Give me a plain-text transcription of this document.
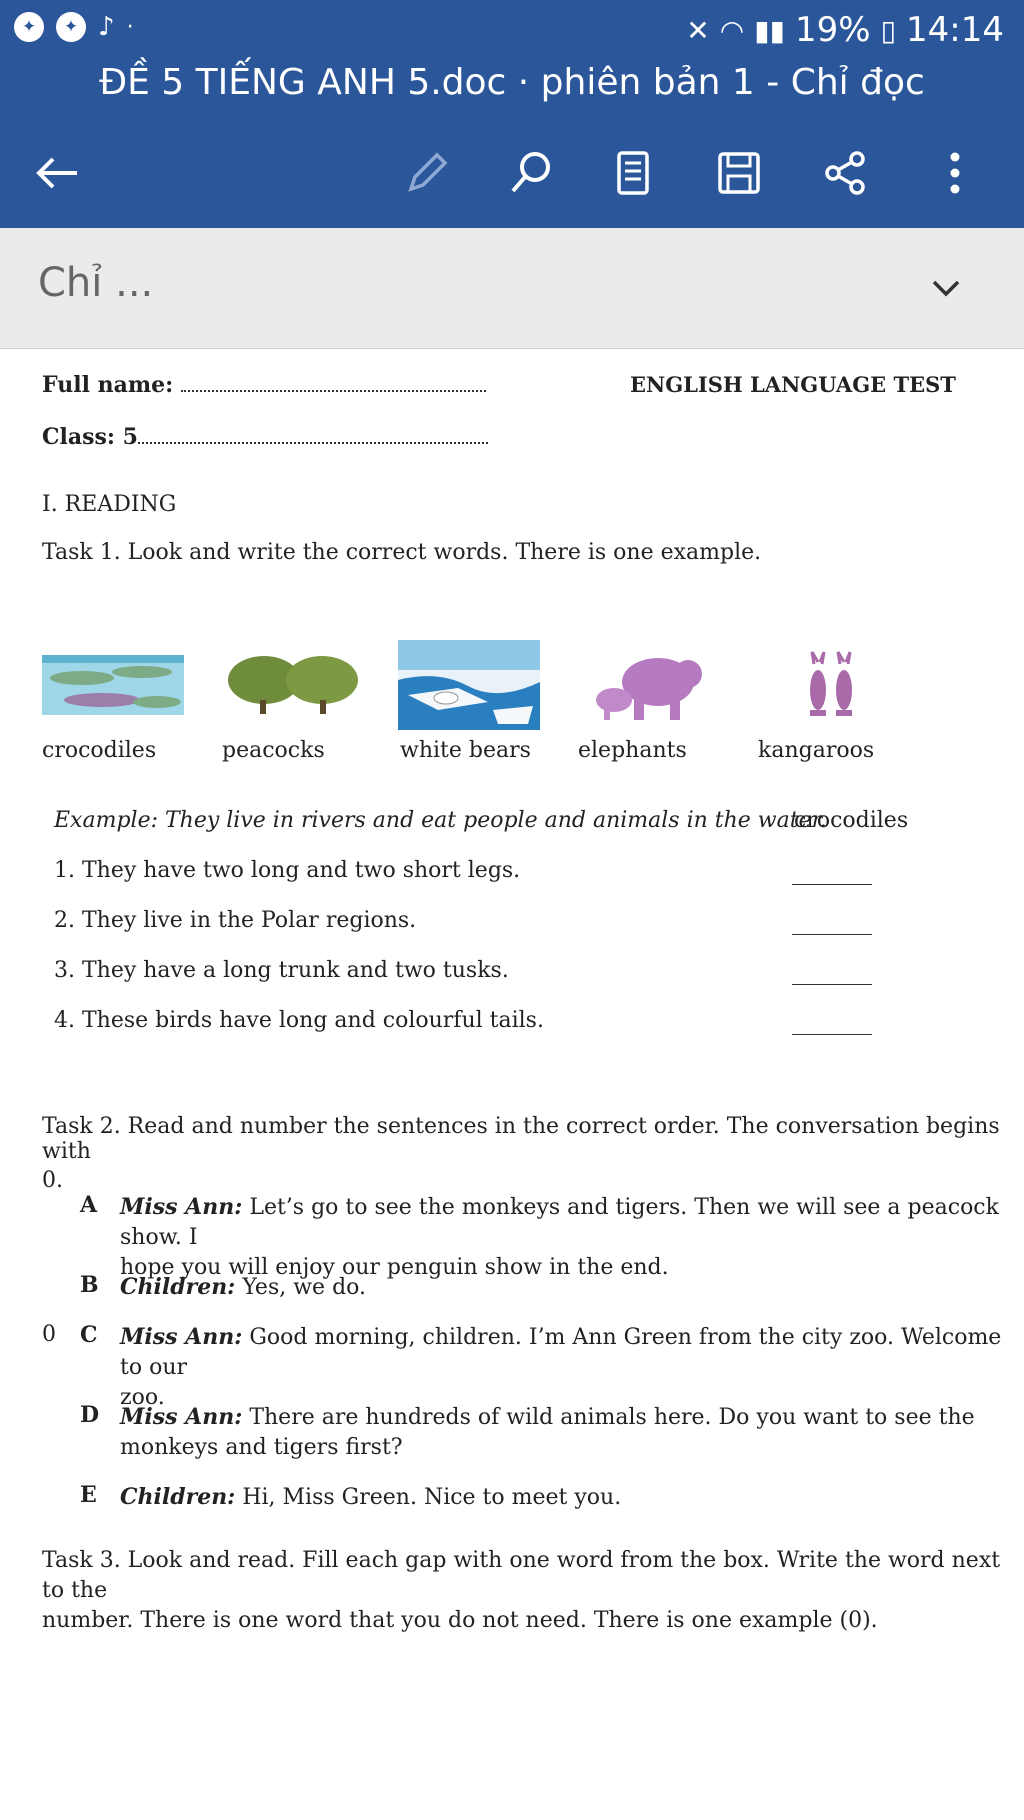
✦	✦ ♪ ·	✕ ◠ ▮▮ 19% ▯ 14:14
ĐỀ 5 TIẾNG ANH 5.doc · phiên bản 1 - Chỉ đọc
Chỉ ...
Full name:	ENGLISH LANGUAGE TEST
Class: 5
I. READING
Task 1. Look and write the correct words. There is one example.
crocodiles	peacocks	white bears elephants	kangaroos
Example: They live in rivers and eat people and animals in the water.
crocodiles
1. They have two long and two short legs.
2. They live in the Polar regions.
3. They have a long trunk and two tusks.
4. These birds have long and colourful tails.
Task 2. Read and number the sentences in the correct order. The conversation begins with
0.
A Miss Ann: Let’s go to see the monkeys and tigers. Then we will see a peacock show. I
hope you will enjoy our penguin show in the end.
B Children: Yes, we do.
0 C Miss Ann: Good morning, children. I’m Ann Green from the city zoo. Welcome to our
zoo.
D Miss Ann: There are hundreds of wild animals here. Do you want to see the
monkeys and tigers first?
E Children: Hi, Miss Green. Nice to meet you.
Task 3. Look and read. Fill each gap with one word from the box. Write the word next to the
number. There is one word that you do not need. There is one example (0).
